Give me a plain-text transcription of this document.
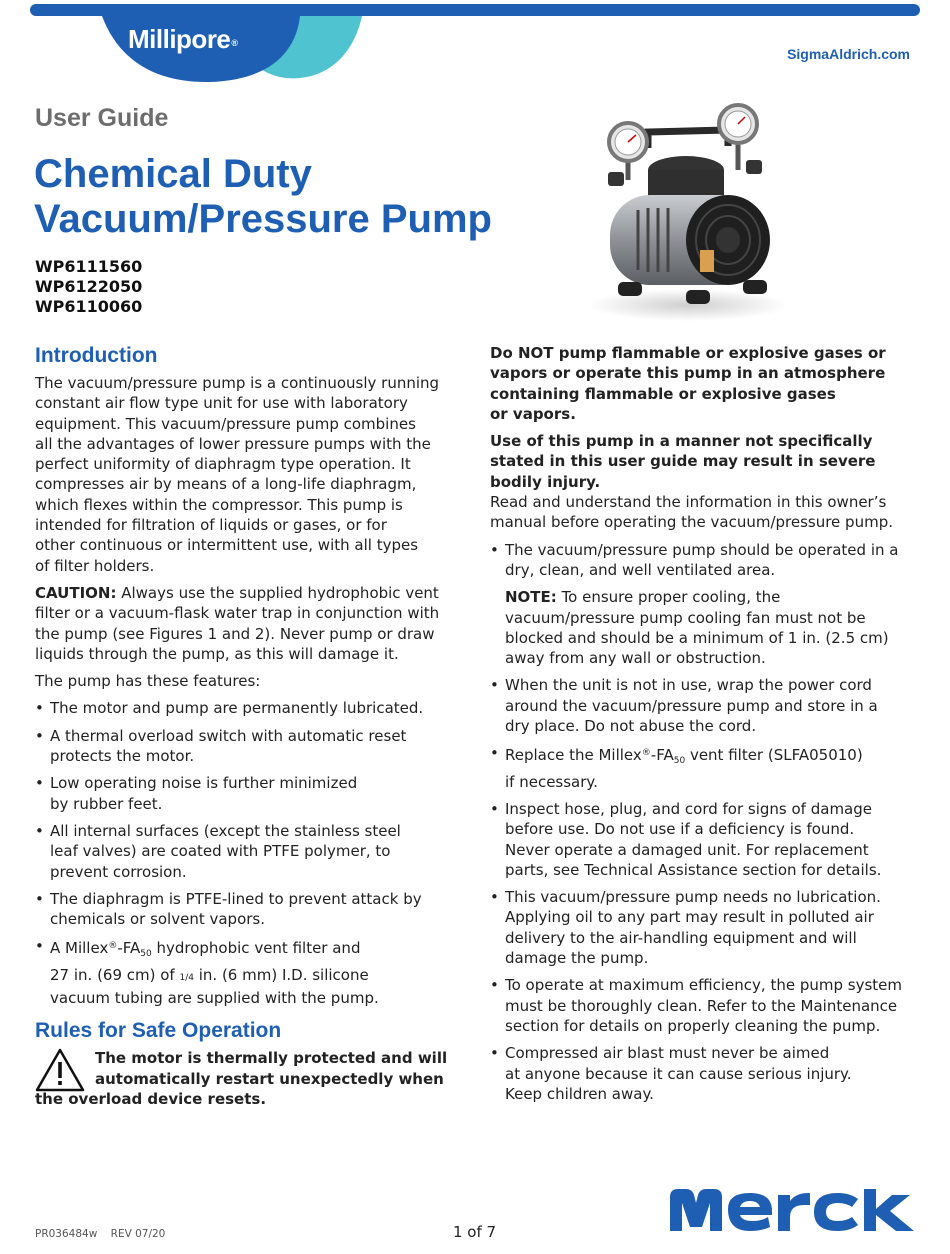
Millipore®
SigmaAldrich.com
User Guide
Chemical Duty
Vacuum/Pressure Pump
WP6111560
WP6122050
WP6110060
Introduction

The vacuum/pressure pump is a continuously running
constant air flow type unit for use with laboratory
equipment. This vacuum/pressure pump combines
all the advantages of lower pressure pumps with the
perfect uniformity of diaphragm type operation. It
compresses air by means of a long-life diaphragm,
which flexes within the compressor. This pump is
intended for filtration of liquids or gases, or for
other continuous or intermittent use, with all types
of filter holders.

CAUTION: Always use the supplied hydrophobic vent
filter or a vacuum-flask water trap in conjunction with
the pump (see Figures 1 and 2). Never pump or draw
liquids through the pump, as this will damage it.

The pump has these features:

• The motor and pump are permanently lubricated.
• A thermal overload switch with automatic reset
protects the motor.
• Low operating noise is further minimized
by rubber feet.
• All internal surfaces (except the stainless steel
leaf valves) are coated with PTFE polymer, to
prevent corrosion.
• The diaphragm is PTFE-lined to prevent attack by
chemicals or solvent vapors.
• A $Millex®-FA_{50}$ hydrophobic vent filter and
27 in. (69 cm) of 1/4 in. (6 mm) I.D. silicone
vacuum tubing are supplied with the pump.
Rules for Safe Operation
The motor is thermally protected and will
automatically restart unexpectedly when
the overload device resets.

Do NOT pump flammable or explosive gases or
vapors or operate this pump in an atmosphere
containing flammable or explosive gases
or vapors.

Use of this pump in a manner not specifically
stated in this user guide may result in severe
bodily injury.

Read and understand the information in this owner’s
manual before operating the vacuum/pressure pump.

• The vacuum/pressure pump should be operated in a
dry, clean, and well ventilated area.
NOTE: To ensure proper cooling, the
vacuum/pressure pump cooling fan must not be
blocked and should be a minimum of 1 in. (2.5 cm)
away from any wall or obstruction.
• When the unit is not in use, wrap the power cord
around the vacuum/pressure pump and store in a
dry place. Do not abuse the cord.
• Replace the $Millex®-FA_{50}$ vent filter (SLFA05010)
if necessary.
• Inspect hose, plug, and cord for signs of damage
before use. Do not use if a deficiency is found.
Never operate a damaged unit. For replacement
parts, see Technical Assistance section for details.
• This vacuum/pressure pump needs no lubrication.
Applying oil to any part may result in polluted air
delivery to the air-handling equipment and will
damage the pump.
• To operate at maximum efficiency, the pump system
must be thoroughly clean. Refer to the Maintenance
section for details on properly cleaning the pump.
• Compressed air blast must never be aimed
at anyone because it can cause serious injury.
Keep children away.
PR036484w    REV 07/20	1 of 7
